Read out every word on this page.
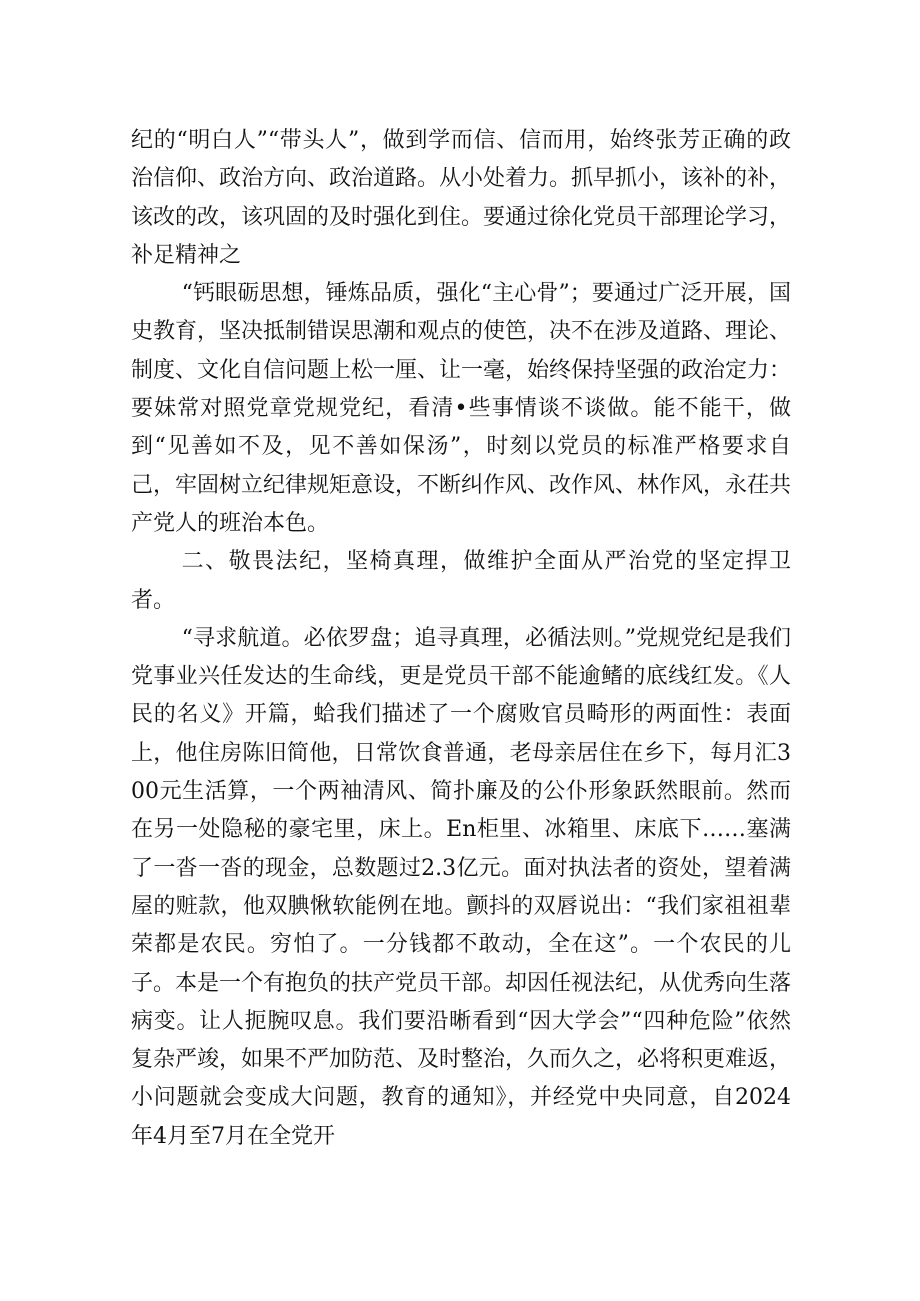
纪的“明白人”“带头人”，做到学而信、信而用，始终张芳正确的政治信仰、政治方向、政治道路。从小处着力。抓早抓小，该补的补，该改的改，该巩固的及时强化到住。要通过徐化党员干部理论学习，补足精神之

“钙眼砺思想，锤炼品质，强化“主心骨”；要通过广泛开展，国史教育，坚决抵制错误思潮和观点的使笆，决不在涉及道路、理论、制度、文化自信问题上松一厘、让一毫，始终保持坚强的政治定力：要妹常对照党章党规党纪，看清•些事情谈不谈做。能不能干，做到“见善如不及，见不善如保汤”，时刻以党员的标准严格要求自己，牢固树立纪律规矩意设，不断纠作风、改作风、林作风，永茌共产党人的班治本色。

二、敬畏法纪，坚椅真理，做维护全面从严治党的坚定捍卫者。

“寻求航道。必依罗盘；追寻真理，必循法则。”党规党纪是我们党事业兴任发达的生命线，更是党员干部不能逾鳍的底线红发。《人民的名义》开篇，蛤我们描述了一个腐败官员畸形的两面性：表面上，他住房陈旧简他，日常饮食普通，老母亲居住在乡下，每月汇300元生活算，一个两袖清风、简扑廉及的公仆形象跃然眼前。然而在另一处隐秘的豪宅里，床上。En柜里、冰箱里、床底下……塞满了一沓一沓的现金，总数题过2.3亿元。面对执法者的资处，望着满屋的赃款，他双腆愀软能例在地。颤抖的双唇说出：“我们家祖祖辈荣都是农民。穷怕了。一分钱都不敢动，全在这”。一个农民的儿子。本是一个有抱负的扶产党员干部。却因任视法纪，从优秀向生落病变。让人扼腕叹息。我们要沿晰看到“因大学会”“四种危险”依然复杂严竣，如果不严加防范、及时整治，久而久之，必将积更难返，小问题就会变成大问题，教育的通知》，并经党中央同意，自2024年4月至7月在全党开
